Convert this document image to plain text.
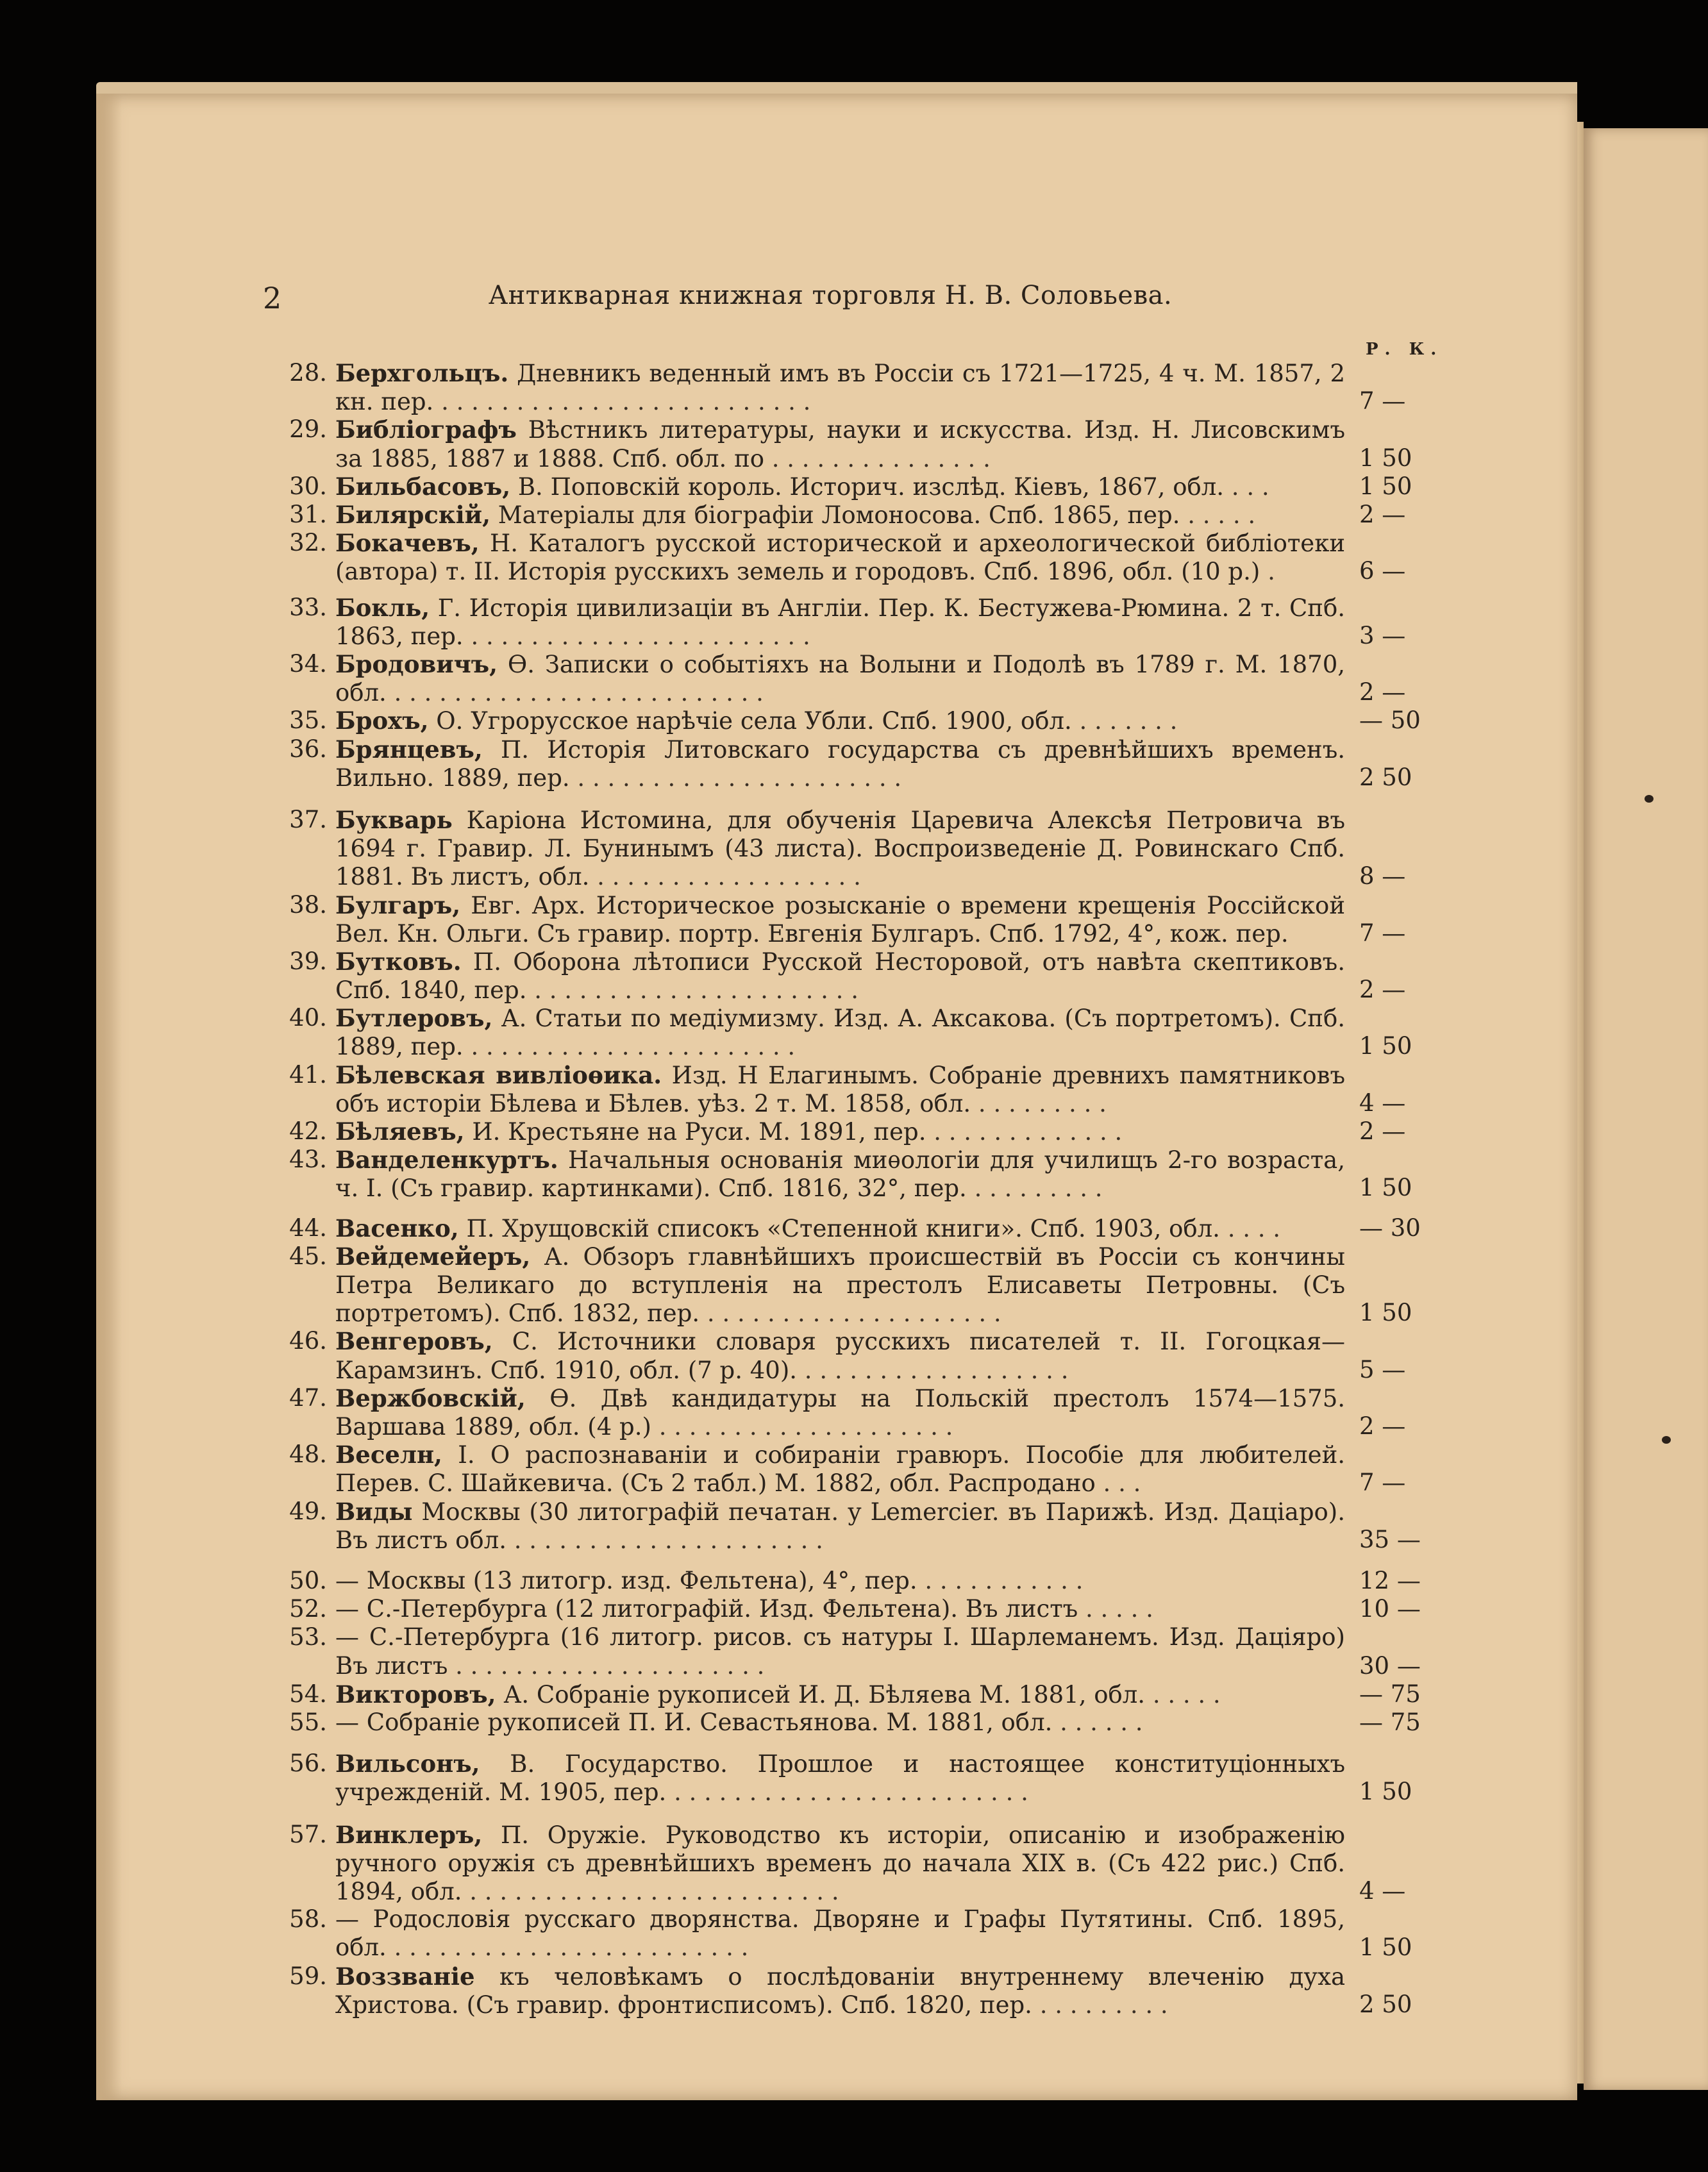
2	Антикварная книжная торговля Н. В. Соловьева.
Р. К.
28. Берхгольцъ. Дневникъ веденный имъ въ Россіи съ 1721—1725, 4 ч. М. 1857, 2 кн. пер. . . . . . . . . . . . . . . . . . . . . . . . . .	7 —
29. Библіографъ Вѣстникъ литературы, науки и искусства. Изд. Н. Лисовскимъ за 1885, 1887 и 1888. Спб. обл. по . . . . . . . . . . . . . . .	1 50
30. Бильбасовъ, В. Поповскій король. Историч. изслѣд. Кіевъ, 1867, обл. . . .	1 50
31. Билярскій, Матеріалы для біографіи Ломоносова. Спб. 1865, пер. . . . . .	2 —
32. Бокачевъ, Н. Каталогъ русской исторической и археологической библіотеки (автора) т. II. Исторія русскихъ земель и городовъ. Спб. 1896, обл. (10 р.) .	6 —
33. Бокль, Г. Исторія цивилизаціи въ Англіи. Пер. К. Бестужева-Рюмина. 2 т. Спб. 1863, пер. . . . . . . . . . . . . . . . . . . . . . . .	3 —
34. Бродовичъ, Ѳ. Записки о событіяхъ на Волыни и Подолѣ въ 1789 г. М. 1870, обл. . . . . . . . . . . . . . . . . . . . . . . . . .	2 —
35. Брохъ, О. Угрорусское нарѣчіе села Убли. Спб. 1900, обл. . . . . . . .	— 50
36. Брянцевъ, П. Исторія Литовскаго государства съ древнѣйшихъ временъ. Вильно. 1889, пер. . . . . . . . . . . . . . . . . . . . . . .	2 50
37. Букварь Каріона Истомина, для обученія Царевича Алексѣя Петровича въ 1694 г. Гравир. Л. Бунинымъ (43 листа). Воспроизведеніе Д. Ровинскаго Спб. 1881. Въ листъ, обл. . . . . . . . . . . . . . . . . . .	8 —
38. Булгаръ, Евг. Арх. Историческое розысканіе о времени крещенія Россійской Вел. Кн. Ольги. Съ гравир. портр. Евгенія Булгаръ. Спб. 1792, 4°, кож. пер.	7 —
39. Бутковъ. П. Оборона лѣтописи Русской Несторовой, отъ навѣта скептиковъ. Спб. 1840, пер. . . . . . . . . . . . . . . . . . . . . . .	2 —
40. Бутлеровъ, А. Статьи по медіумизму. Изд. А. Аксакова. (Съ портретомъ). Спб. 1889, пер. . . . . . . . . . . . . . . . . . . . . . .	1 50
41. Бѣлевская вивліоѳика. Изд. Н Елагинымъ. Собраніе древнихъ памятниковъ объ исторіи Бѣлева и Бѣлев. уѣз. 2 т. М. 1858, обл. . . . . . . . . .	4 —
42. Бѣляевъ, И. Крестьяне на Руси. М. 1891, пер. . . . . . . . . . . . . .	2 —
43. Ванделенкуртъ. Начальныя основанія миѳологіи для училищъ 2-го возраста, ч. I. (Съ гравир. картинками). Спб. 1816, 32°, пер. . . . . . . . . .	1 50
44. Васенко, П. Хрущовскій списокъ «Степенной книги». Спб. 1903, обл. . . . .	— 30
45. Вейдемейеръ, А. Обзоръ главнѣйшихъ происшествій въ Россіи съ кончины Петра Великаго до вступленія на престолъ Елисаветы Петровны. (Съ портретомъ). Спб. 1832, пер. . . . . . . . . . . . . . . . . . . . .	1 50
46. Венгеровъ, С. Источники словаря русскихъ писателей т. II. Гогоцкая— Карамзинъ. Спб. 1910, обл. (7 р. 40). . . . . . . . . . . . . . . . . . .	5 —
47. Вержбовскій, Ѳ. Двѣ кандидатуры на Польскій престолъ 1574—1575. Варшава 1889, обл. (4 р.) . . . . . . . . . . . . . . . . . . . .	2 —
48. Веселн, I. О распознаваніи и собираніи гравюръ. Пособіе для любителей. Перев. С. Шайкевича. (Съ 2 табл.) М. 1882, обл. Распродано . . .	7 —
49. Виды Москвы (30 литографій печатан. у Lemercier. въ Парижѣ. Изд. Даціаро). Въ листъ обл. . . . . . . . . . . . . . . . . . . . . .	35 —
50. — Москвы (13 литогр. изд. Фельтена), 4°, пер. . . . . . . . . . . .	12 —
52. — С.-Петербурга (12 литографій. Изд. Фельтена). Въ листъ . . . . .	10 —
53. — С.-Петербурга (16 литогр. рисов. съ натуры I. Шарлеманемъ. Изд. Даціяро) Въ листъ . . . . . . . . . . . . . . . . . . . . .	30 —
54. Викторовъ, А. Собраніе рукописей И. Д. Бѣляева М. 1881, обл. . . . . .	— 75
55. — Собраніе рукописей П. И. Севастьянова. М. 1881, обл. . . . . . .	— 75
56. Вильсонъ, В. Государство. Прошлое и настоящее конституціонныхъ учрежденій. М. 1905, пер. . . . . . . . . . . . . . . . . . . . . . . . .	1 50
57. Винклеръ, П. Оружіе. Руководство къ исторіи, описанію и изображенію ручного оружія съ древнѣйшихъ временъ до начала XIX в. (Съ 422 рис.) Спб. 1894, обл. . . . . . . . . . . . . . . . . . . . . . . . . .	4 —
58. — Родословія русскаго дворянства. Дворяне и Графы Путятины. Спб. 1895, обл. . . . . . . . . . . . . . . . . . . . . . . . .	1 50
59. Воззваніе къ человѣкамъ о послѣдованіи внутреннему влеченію духа Христова. (Съ гравир. фронтисписомъ). Спб. 1820, пер. . . . . . . . . .	2 50
